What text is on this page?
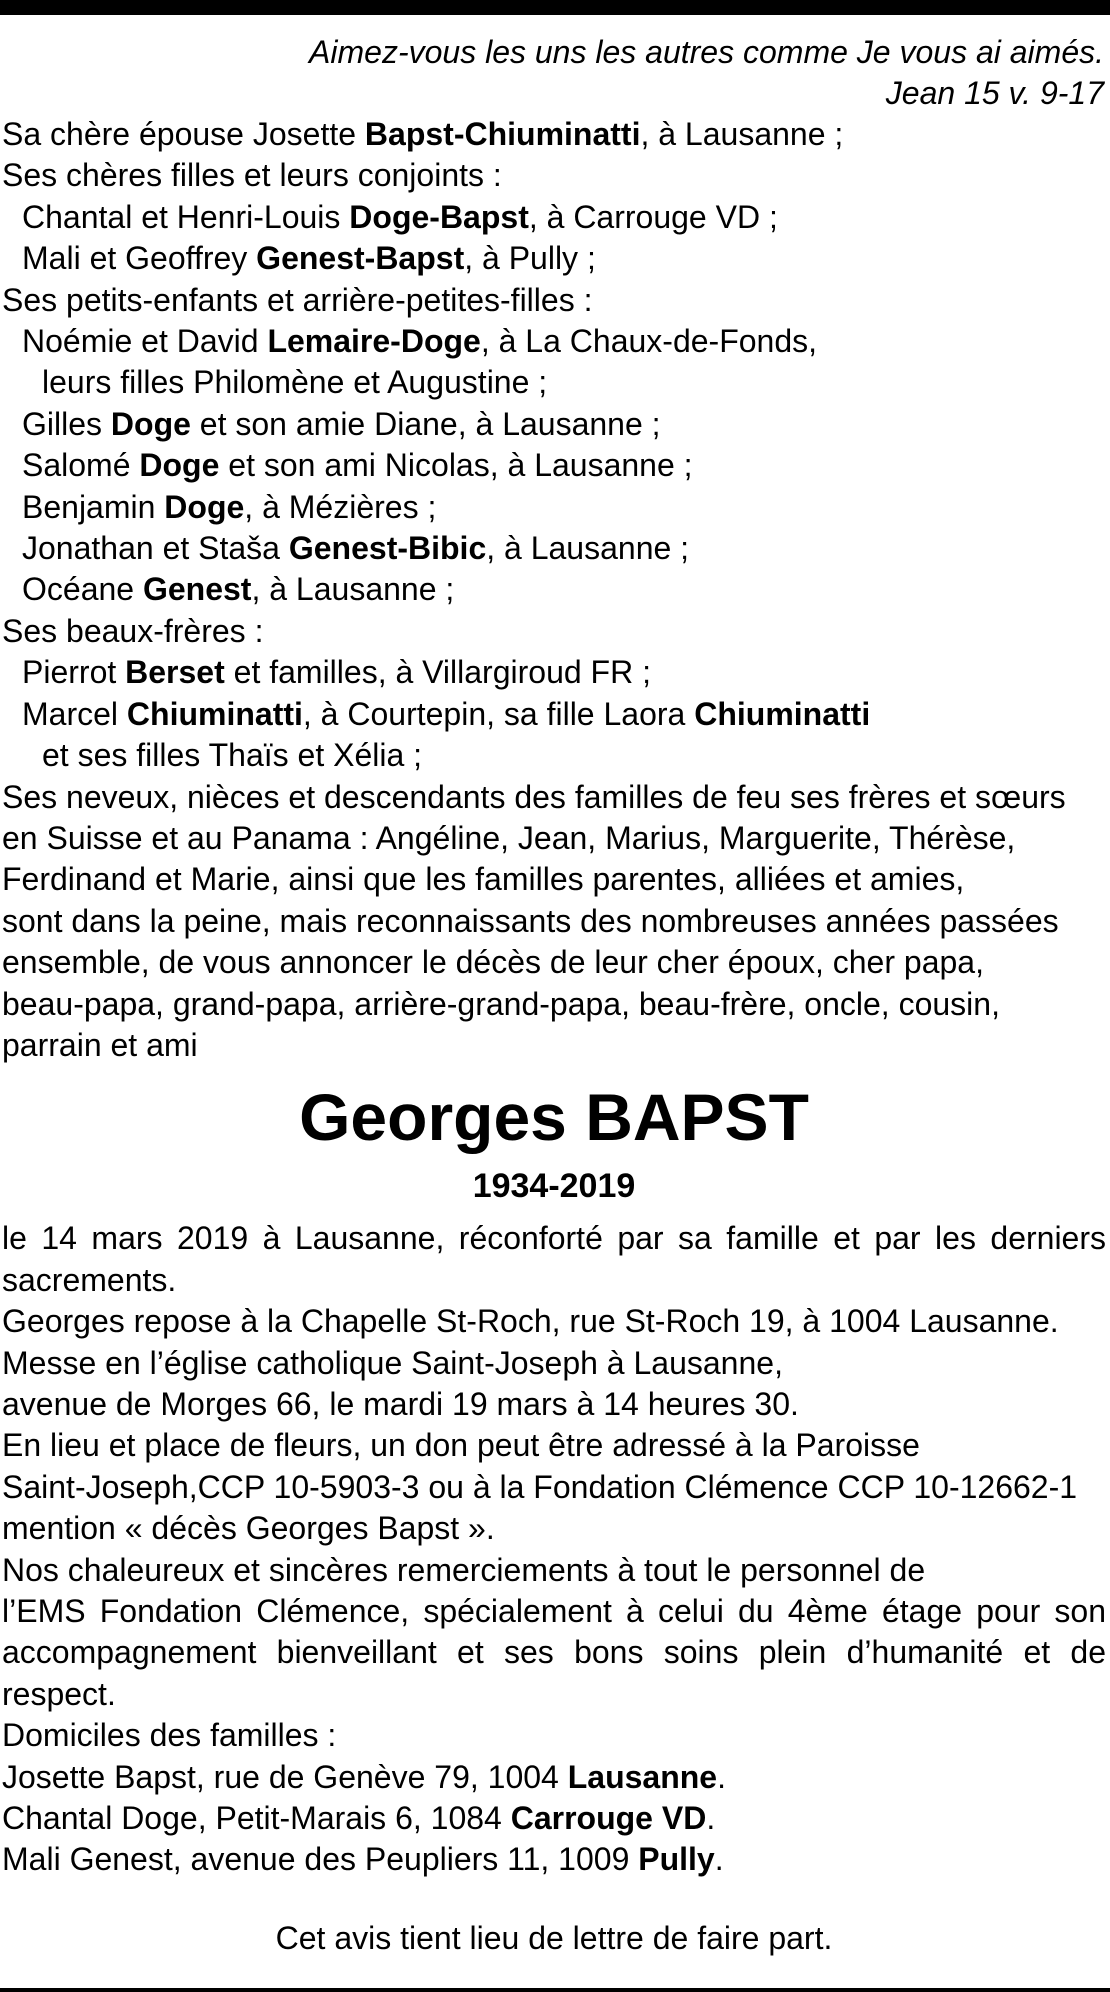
Aimez-vous les uns les autres comme Je vous ai aimés.
Jean 15 v. 9-17
Sa chère épouse Josette Bapst-Chiuminatti, à Lausanne ;
Ses chères filles et leurs conjoints :
Chantal et Henri-Louis Doge-Bapst, à Carrouge VD ;
Mali et Geoffrey Genest-Bapst, à Pully ;
Ses petits-enfants et arrière-petites-filles :
Noémie et David Lemaire-Doge, à La Chaux-de-Fonds,
leurs filles Philomène et Augustine ;
Gilles Doge et son amie Diane, à Lausanne ;
Salomé Doge et son ami Nicolas, à Lausanne ;
Benjamin Doge, à Mézières ;
Jonathan et Staša Genest-Bibic, à Lausanne ;
Océane Genest, à Lausanne ;
Ses beaux-frères :
Pierrot Berset et familles, à Villargiroud FR ;
Marcel Chiuminatti, à Courtepin, sa fille Laora Chiuminatti
et ses filles Thaïs et Xélia ;
Ses neveux, nièces et descendants des familles de feu ses frères et sœurs
en Suisse et au Panama : Angéline, Jean, Marius, Marguerite, Thérèse,
Ferdinand et Marie, ainsi que les familles parentes, alliées et amies,
sont dans la peine, mais reconnaissants des nombreuses années passées
ensemble, de vous annoncer le décès de leur cher époux, cher papa,
beau-papa, grand-papa, arrière-grand-papa, beau-frère, oncle, cousin,
parrain et ami
Georges BAPST
1934-2019
le 14 mars 2019 à Lausanne, réconforté par sa famille et par les derniers sacrements.
Georges repose à la Chapelle St-Roch, rue St-Roch 19, à 1004 Lausanne.
Messe en l’église catholique Saint-Joseph à Lausanne,
avenue de Morges 66, le mardi 19 mars à 14 heures 30.
En lieu et place de fleurs, un don peut être adressé à la Paroisse
Saint-Joseph,CCP 10-5903-3 ou à la Fondation Clémence CCP 10-12662-1
mention « décès Georges Bapst ».
Nos chaleureux et sincères remerciements à tout le personnel de
l’EMS Fondation Clémence, spécialement à celui du 4ème étage pour son accompagnement bienveillant et ses bons soins plein d’humanité et de respect.
Domiciles des familles :
Josette Bapst, rue de Genève 79, 1004 Lausanne.
Chantal Doge, Petit-Marais 6, 1084 Carrouge VD.
Mali Genest, avenue des Peupliers 11, 1009 Pully.
Cet avis tient lieu de lettre de faire part.
